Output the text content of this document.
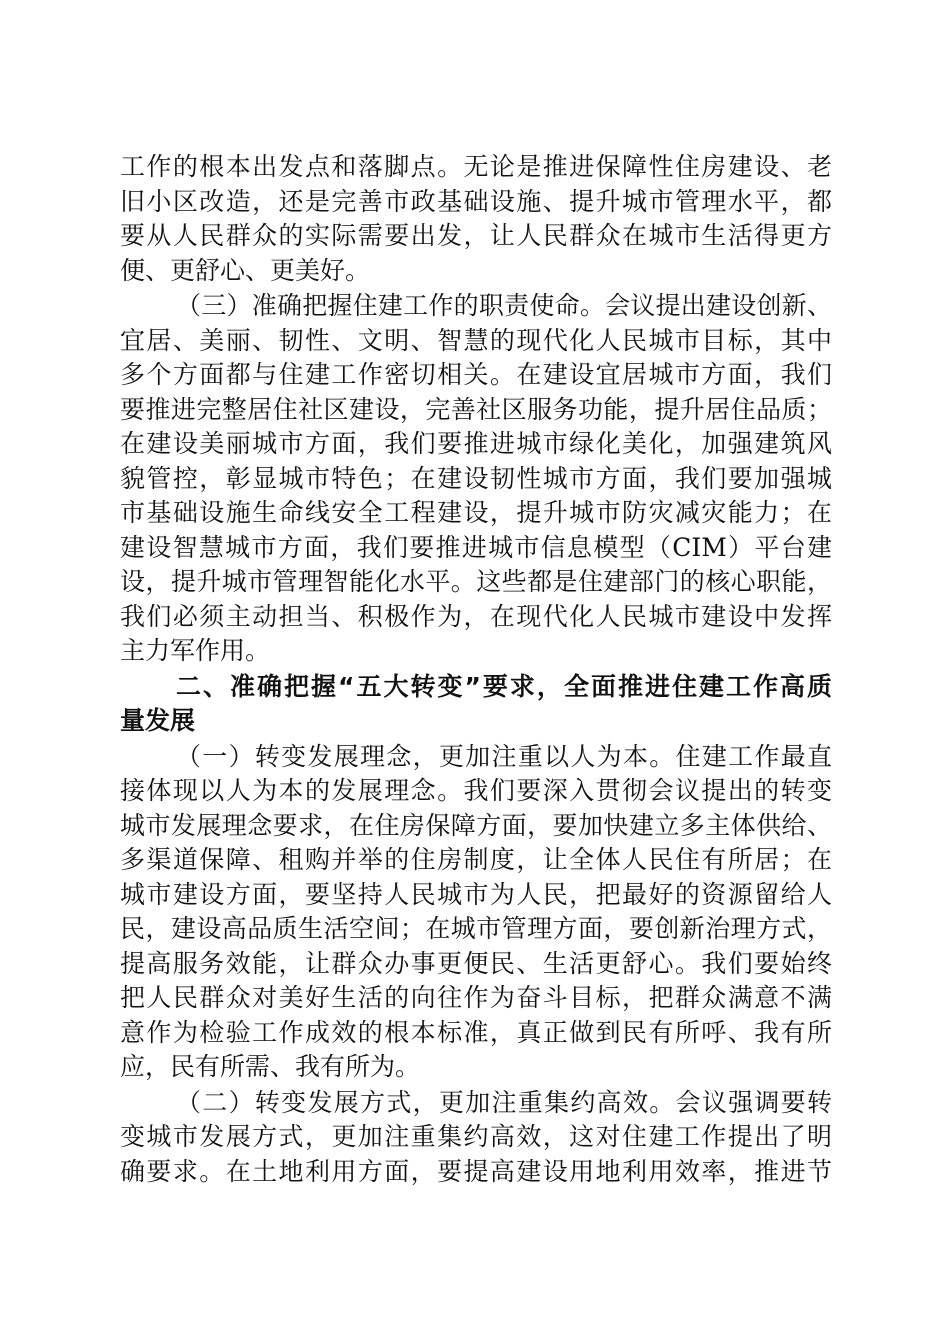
工作的根本出发点和落脚点。无论是推进保障性住房建设、老

旧小区改造，还是完善市政基础设施、提升城市管理水平，都

要从人民群众的实际需要出发，让人民群众在城市生活得更方

便、更舒心、更美好。

（三）准确把握住建工作的职责使命。会议提出建设创新、

宜居、美丽、韧性、文明、智慧的现代化人民城市目标，其中

多个方面都与住建工作密切相关。在建设宜居城市方面，我们

要推进完整居住社区建设，完善社区服务功能，提升居住品质；

在建设美丽城市方面，我们要推进城市绿化美化，加强建筑风

貌管控，彰显城市特色；在建设韧性城市方面，我们要加强城

市基础设施生命线安全工程建设，提升城市防灾减灾能力；在

建设智慧城市方面，我们要推进城市信息模型（CIM）平台建

设，提升城市管理智能化水平。这些都是住建部门的核心职能，

我们必须主动担当、积极作为，在现代化人民城市建设中发挥

主力军作用。

二、准确把握“五大转变”要求，全面推进住建工作高质

量发展

（一）转变发展理念，更加注重以人为本。住建工作最直

接体现以人为本的发展理念。我们要深入贯彻会议提出的转变

城市发展理念要求，在住房保障方面，要加快建立多主体供给、

多渠道保障、租购并举的住房制度，让全体人民住有所居；在

城市建设方面，要坚持人民城市为人民，把最好的资源留给人

民，建设高品质生活空间；在城市管理方面，要创新治理方式，

提高服务效能，让群众办事更便民、生活更舒心。我们要始终

把人民群众对美好生活的向往作为奋斗目标，把群众满意不满

意作为检验工作成效的根本标准，真正做到民有所呼、我有所

应，民有所需、我有所为。

（二）转变发展方式，更加注重集约高效。会议强调要转

变城市发展方式，更加注重集约高效，这对住建工作提出了明

确要求。在土地利用方面，要提高建设用地利用效率，推进节
